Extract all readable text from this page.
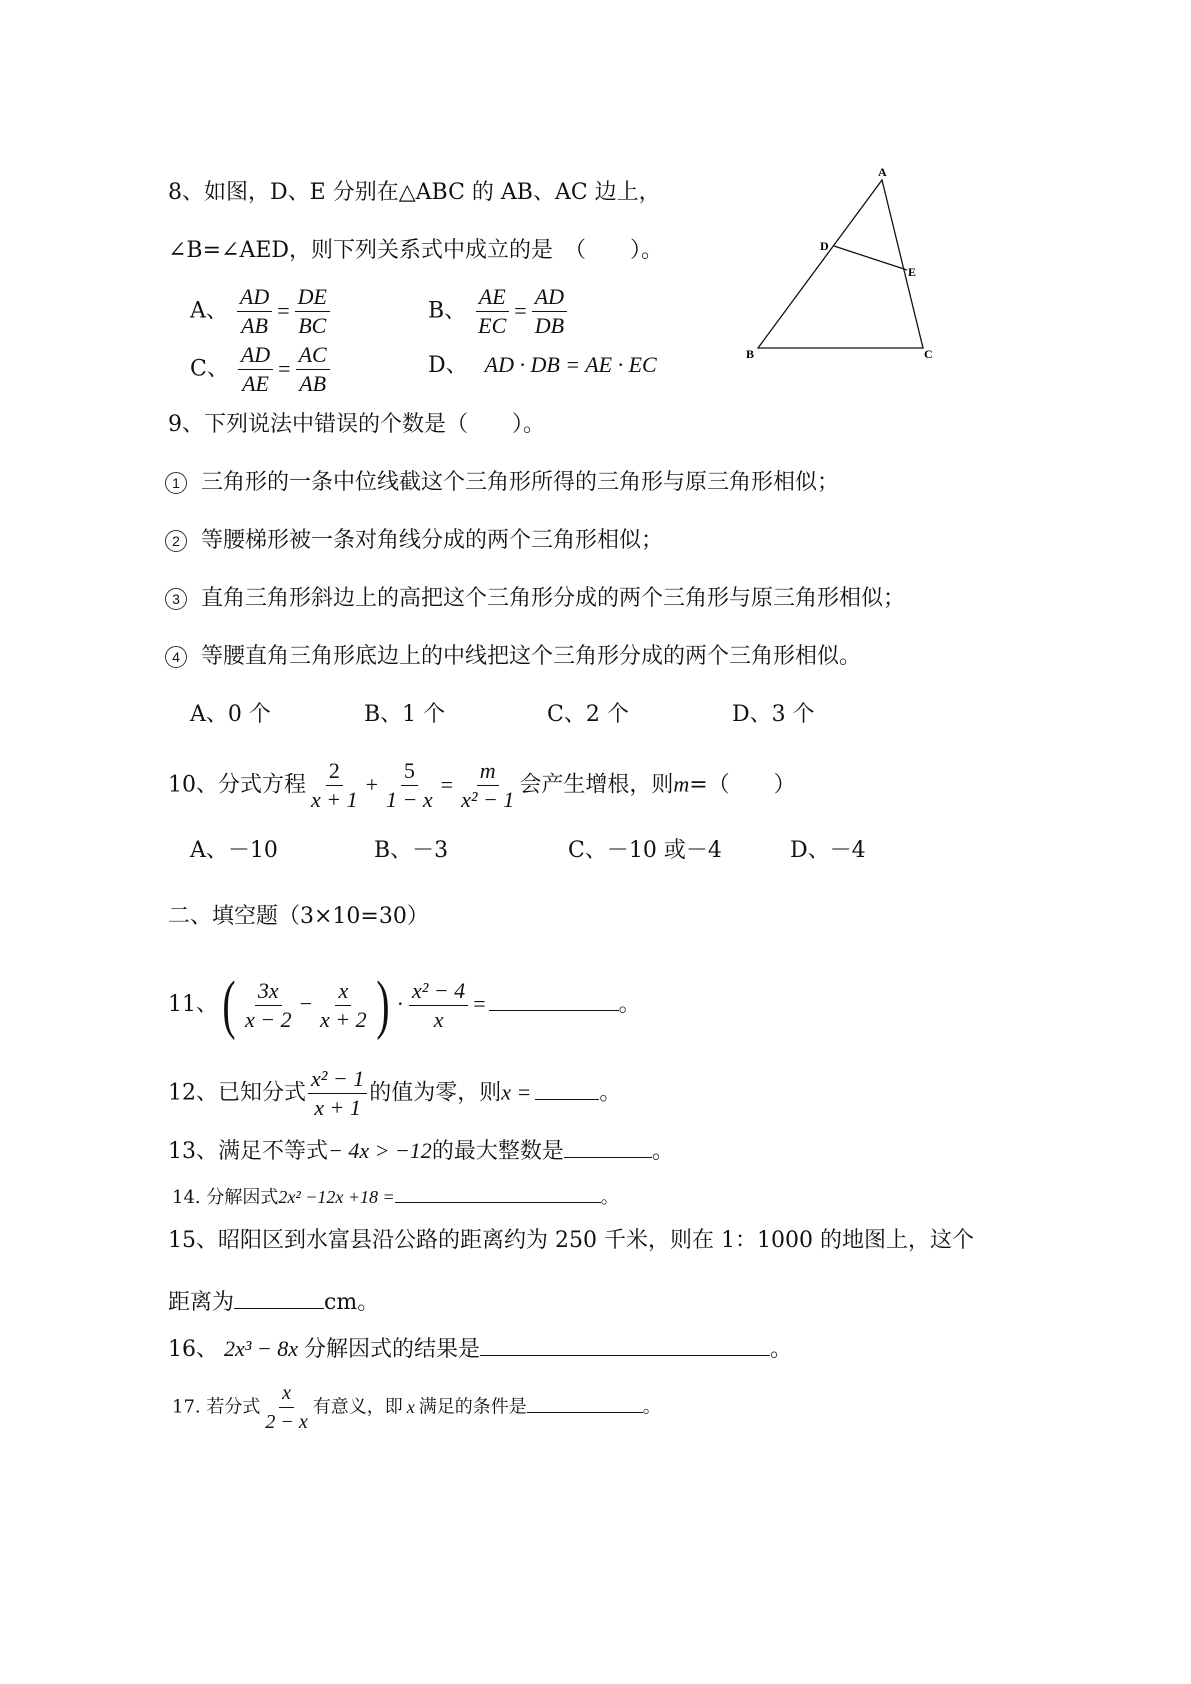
8、如图，D、E 分别在△ABC 的 AB、AC 边上，
∠B=∠AED，则下列关系式中成立的是　（　　）。
A、 $\frac{AD}{AB} = \frac{DE}{BC}$	B、 $\frac{AE}{EC} = \frac{AD}{DB}$
C、 $\frac{AD}{AE} = \frac{AC}{AB}$	D、 AD · DB = AE · EC
A
B	C
D
E
9、下列说法中错误的个数是（　　）。
1 三角形的一条中位线截这个三角形所得的三角形与原三角形相似；
2 等腰梯形被一条对角线分成的两个三角形相似；
3 直角三角形斜边上的高把这个三角形分成的两个三角形与原三角形相似；
4 等腰直角三角形底边上的中线把这个三角形分成的两个三角形相似。
A、0 个	B、1 个	C、2 个	D、3 个
10、分式方程 $\frac{2}{x + 1} + \frac{5}{1 - x} = \frac{m}{\text{x² − 1}}$ 会产生增根，则m=（　　）
A、－10	B、－3	C、－10 或－4	D、－4
二、填空题（3×10=30）
11、( $\frac{3x}{x - 2} - \frac{x}{x + 2}$ ) · $\frac{\text{x² − 4}}{x}$ =	。
12、已知分式 $\frac{\text{x² − 1}}{x + 1}$ 的值为零，则x =	。
13、满足不等式− 4x > −12的最大整数是	。
14. 分解因式2x² −12x +18 =	。
15、昭阳区到水富县沿公路的距离约为 250 千米，则在 1：1000 的地图上，这个
距离为	cm。
16、 2x³ − 8x 分解因式的结果是	。
17. 若分式 $\frac{x}{2 - x}$ 有意义，即 x 满足的条件是	。
